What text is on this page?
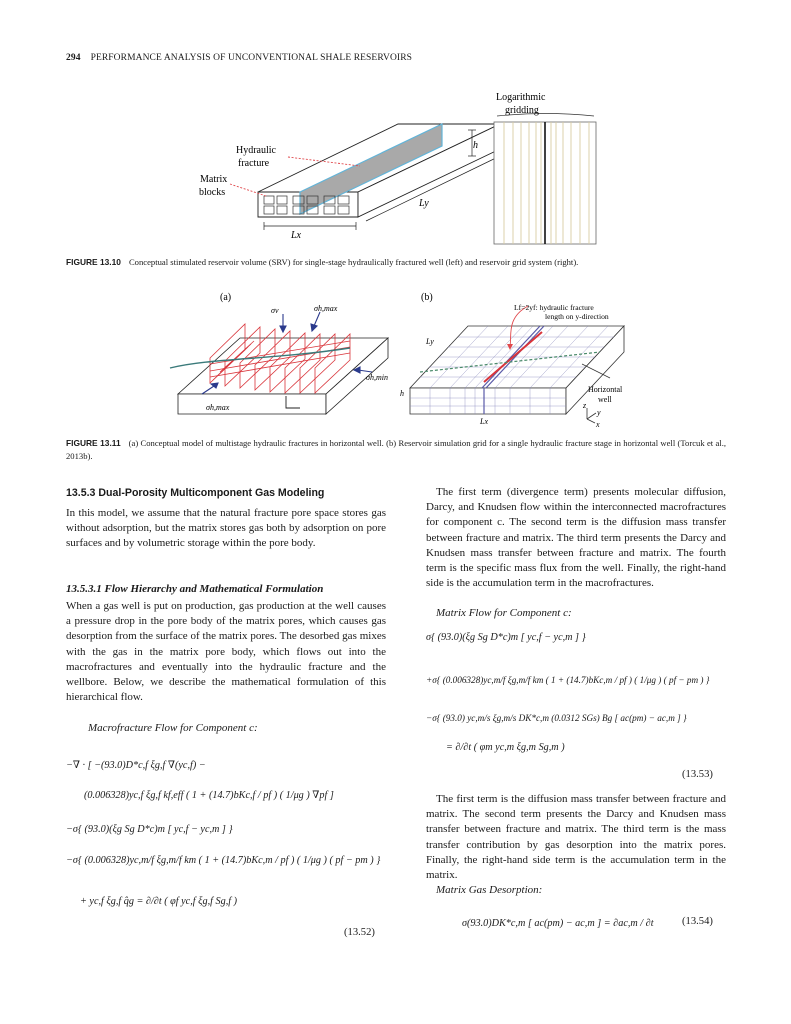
294 PERFORMANCE ANALYSIS OF UNCONVENTIONAL SHALE RESERVOIRS
Hydraulic
fracture
Matrix
blocks
h
Ly
Lx
Logarithmic
gridding
FIGURE 13.10 Conceptual stimulated reservoir volume (SRV) for single-stage hydraulically fractured well (left) and reservoir grid system (right).
(a)
σv	σh,max
σh,min
σh,max
(b)
Lf=2yf: hydraulic fracture
length on y-direction
Ly
h
Lx
Horizontal
well
z
y
x
FIGURE 13.11 (a) Conceptual model of multistage hydraulic fractures in horizontal well. (b) Reservoir simulation grid for a single hydraulic fracture stage in horizontal well (Torcuk et al., 2013b).
13.5.3 Dual-Porosity Multicomponent Gas Modeling
In this model, we assume that the natural fracture pore space stores gas without adsorption, but the matrix stores gas both by adsorption on pore surfaces and by volumetric storage within the pore body.
13.5.3.1 Flow Hierarchy and Mathematical Formulation
When a gas well is put on production, gas production at the well causes a pressure drop in the pore body of the matrix pores, which causes gas desorption from the surface of the matrix pores. The desorbed gas mixes with the gas in the matrix pore body, which flows out into the macrofractures and eventually into the hydraulic fracture and the wellbore. Below, we describe the mathematical formulation of this hierarchical flow.
Macrofracture Flow for Component c:
−∇ · [ −(93.0)D*c,f ξg,f ∇(yc,f) −
(0.006328)yc,f ξg,f kf,eff ( 1 + (14.7)bKc,f / pf ) ( 1/μg ) ∇pf ]
−σ{ (93.0)(ξg Sg D*c)m [ yc,f − yc,m ] }
−σ{ (0.006328)yc,m/f ξg,m/f km ( 1 + (14.7)bKc,m / pf ) ( 1/μg ) ( pf − pm ) }
+ yc,f ξg,f q̂g = ∂/∂t ( φf yc,f ξg,f Sg,f )
(13.52)
The first term (divergence term) presents molecular diffusion, Darcy, and Knudsen flow within the interconnected macrofractures for component c. The second term is the diffusion mass transfer between fracture and matrix. The third term presents the Darcy and Knudsen mass transfer between fracture and matrix. The fourth term is the specific mass flux from the well. Finally, the right-hand side is the accumulation term in the macrofractures.
Matrix Flow for Component c:
σ{ (93.0)(ξg Sg D*c)m [ yc,f − yc,m ] }
+σ{ (0.006328)yc,m/f ξg,m/f km ( 1 + (14.7)bKc,m / pf ) ( 1/μg ) ( pf − pm ) }
−σ{ (93.0) yc,m/s ξg,m/s DK*c,m (0.0312 SGs) Bg [ ac(pm) − ac,m ] }
= ∂/∂t ( φm yc,m ξg,m Sg,m )
(13.53)
The first term is the diffusion mass transfer between fracture and matrix. The second term presents the Darcy and Knudsen mass transfer between fracture and matrix. The third term is the mass transfer contribution by gas desorption into the matrix pores. Finally, the right-hand side term is the accumulation term in the matrix.
Matrix Gas Desorption:
σ(93.0)DK*c,m [ ac(pm) − ac,m ] = ∂ac,m / ∂t	(13.54)
